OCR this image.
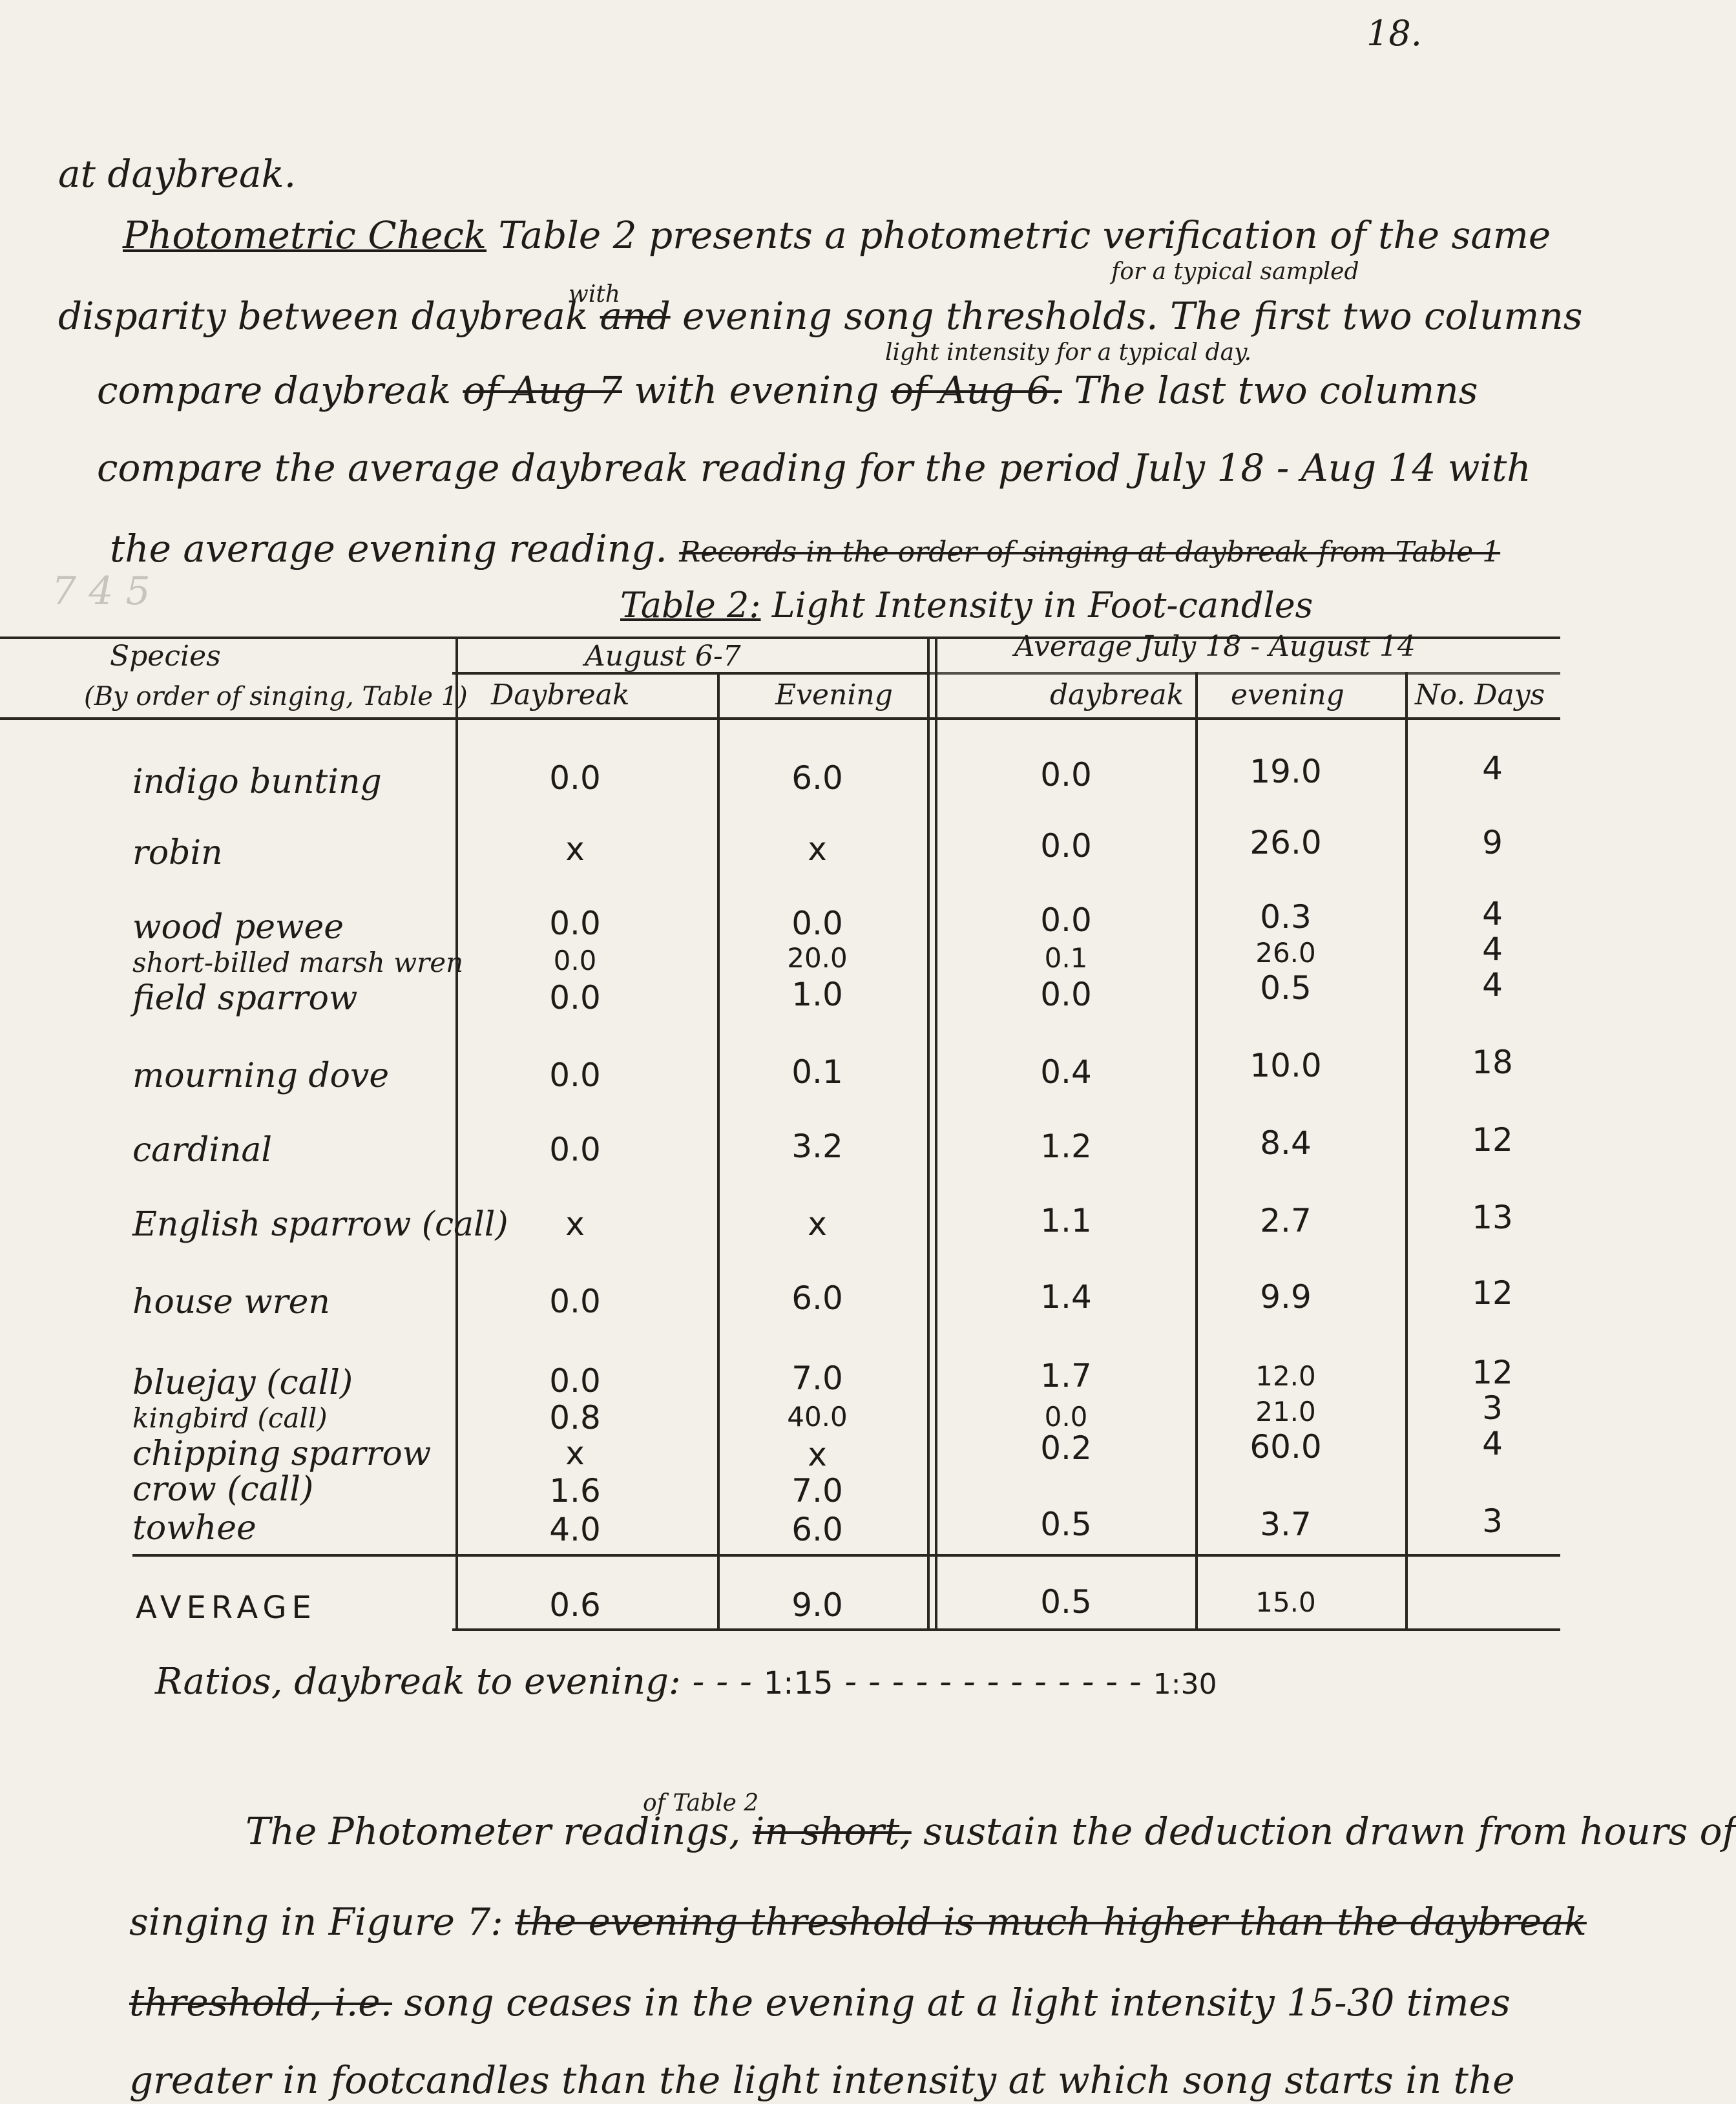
18.
at daybreak.
Photometric Check Table 2 presents a photometric verification of the same
for a typical sampled
with
disparity between daybreak and evening song thresholds. The first two columns
light intensity for a typical day.
compare daybreak of Aug 7 with evening of Aug 6. The last two columns
compare the average daybreak reading for the period July 18 - Aug 14 with
the average evening reading. Records in the order of singing at daybreak from Table 1
7 4 5	Table 2: Light Intensity in Foot-candles
Species
(By order of singing, Table 1)
August 6-7	Average July 18 - August 14
Daybreak	Evening	daybreak evening No. Days
indigo bunting	0.0	6.0	0.0	19.0	4
robin	x	x	0.0	26.0	9
wood pewee	0.0	0.0	0.0	0.3	4
short-billed marsh wren	0.0	20.0	0.1	26.0	4
field sparrow	0.0	1.0	0.0	0.5	4
mourning dove	0.0	0.1	0.4	10.0	18
cardinal	0.0	3.2	1.2	8.4	12
English sparrow (call)	x	x	1.1	2.7	13
house wren	0.0	6.0	1.4	9.9	12
bluejay (call)	0.0	7.0	1.7	12.0	12
kingbird (call)	0.8	40.0	0.0	21.0	3
chipping sparrow	x	x	0.2	60.0	4
crow (call)	1.6	7.0
towhee	4.0	6.0	0.5	3.7	3
AVERAGE	0.6	9.0	0.5	15.0
Ratios, daybreak to evening: - - - 1:15 - - - - - - - - - - - - - 1:30
of Table 2
The Photometer readings, in short, sustain the deduction drawn from hours of
singing in Figure 7: the evening threshold is much higher than the daybreak
threshold, i.e. song ceases in the evening at a light intensity 15-30 times
greater in footcandles than the light intensity at which song starts in the
